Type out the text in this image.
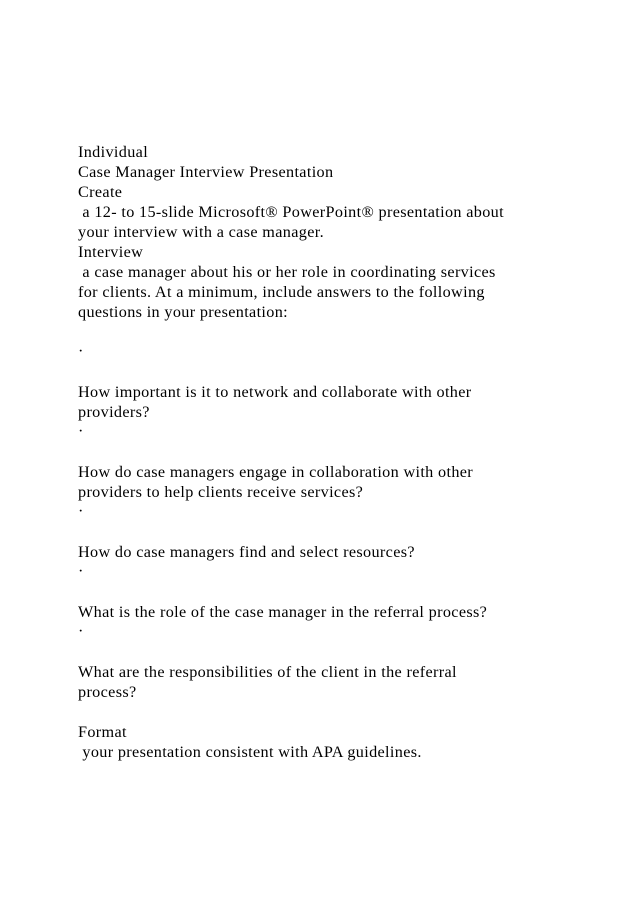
Individual
Case Manager Interview Presentation
Create
a 12- to 15-slide Microsoft® PowerPoint® presentation about
your interview with a case manager.
Interview
a case manager about his or her role in coordinating services
for clients. At a minimum, include answers to the following
questions in your presentation:
·
How important is it to network and collaborate with other
providers?
·
How do case managers engage in collaboration with other
providers to help clients receive services?
·
How do case managers find and select resources?
·
What is the role of the case manager in the referral process?
·
What are the responsibilities of the client in the referral
process?
Format
your presentation consistent with APA guidelines.
